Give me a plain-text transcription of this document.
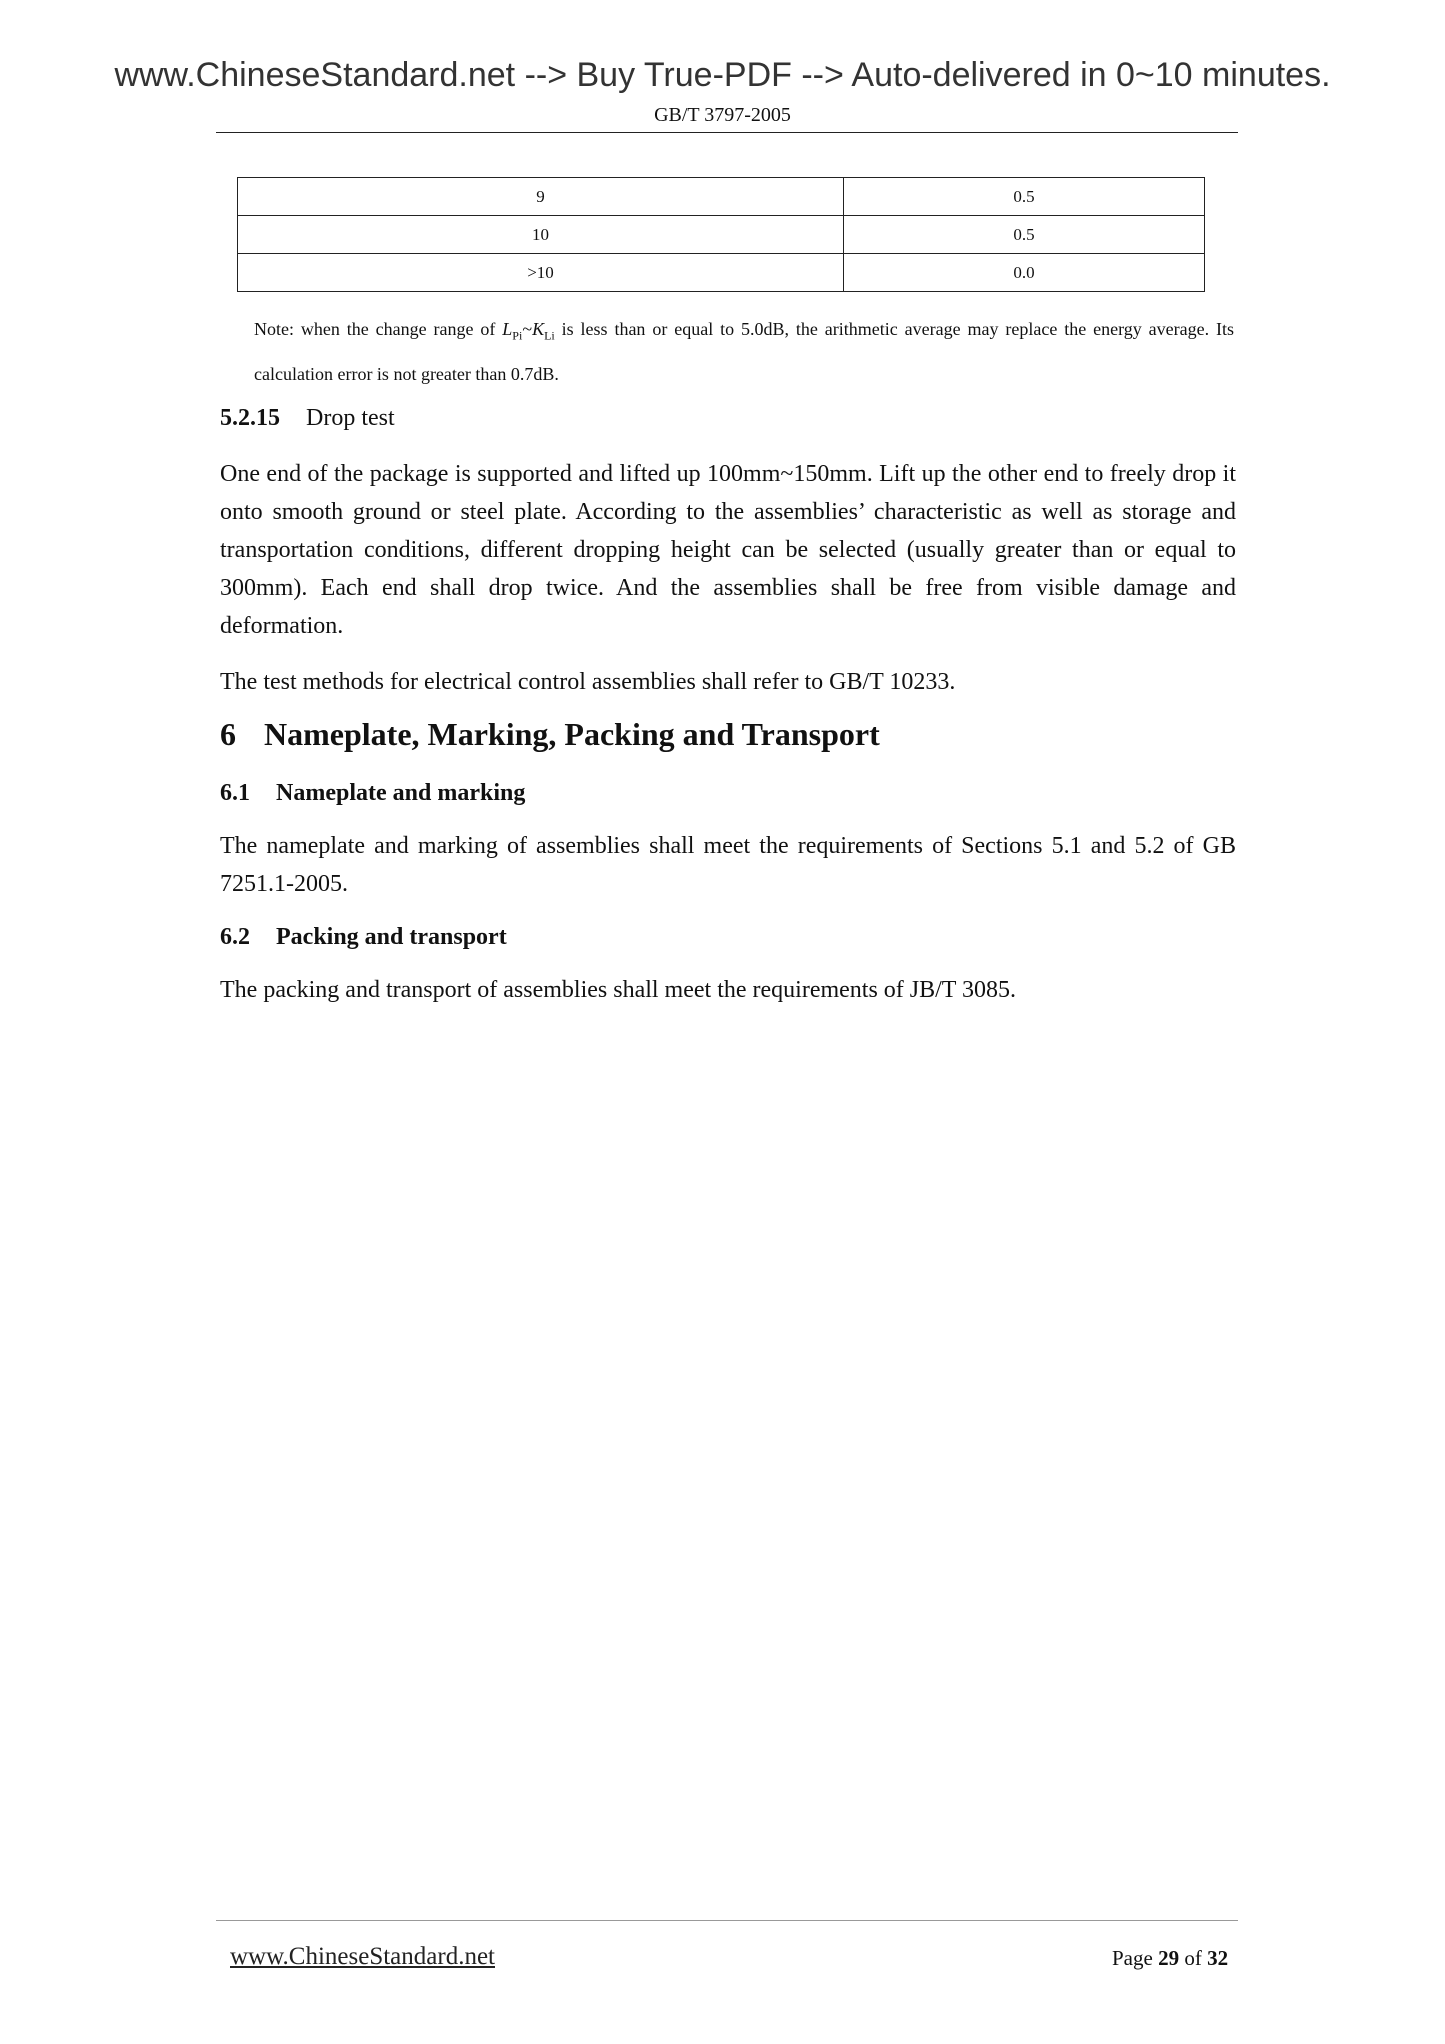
www.ChineseStandard.net --> Buy True-PDF --> Auto-delivered in 0~10 minutes.
GB/T 3797-2005
9	0.5
10	0.5
>10	0.0
Note: when the change range of $L_{Pi}\sim K_{Li}$ is less than or equal to 5.0dB, the arithmetic average may replace the energy average. Its calculation error is not greater than 0.7dB.
5.2.15 Drop test
One end of the package is supported and lifted up 100mm~150mm. Lift up the other end to freely drop it onto smooth ground or steel plate. According to the assemblies’ characteristic as well as storage and transportation conditions, different dropping height can be selected (usually greater than or equal to 300mm). Each end shall drop twice. And the assemblies shall be free from visible damage and deformation.
The test methods for electrical control assemblies shall refer to GB/T 10233.
6 Nameplate, Marking, Packing and Transport
6.1 Nameplate and marking
The nameplate and marking of assemblies shall meet the requirements of Sections 5.1 and 5.2 of GB 7251.1-2005.
6.2 Packing and transport
The packing and transport of assemblies shall meet the requirements of JB/T 3085.
www.ChineseStandard.net	Page 29 of 32
